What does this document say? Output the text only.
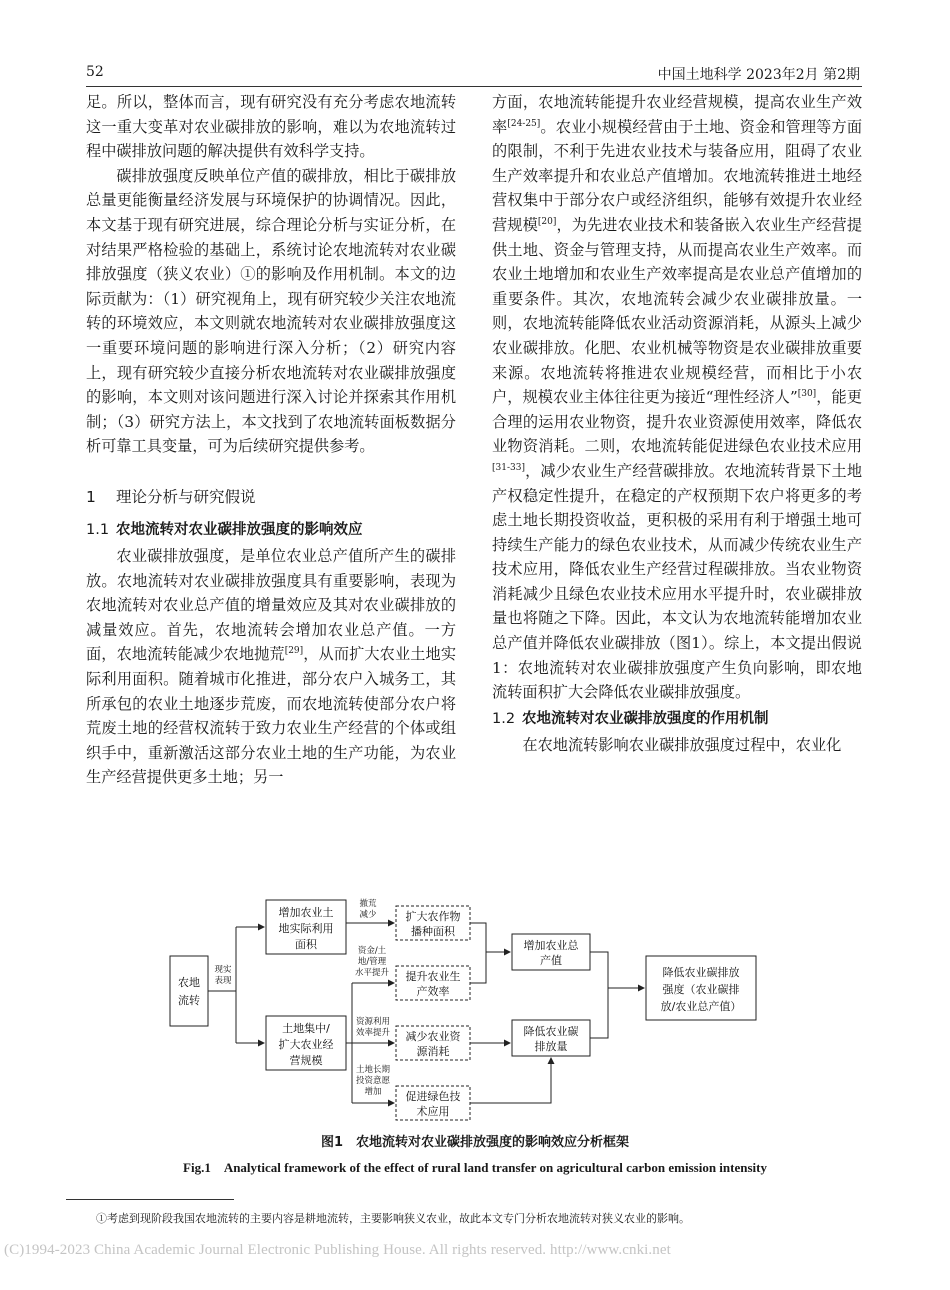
52	中国土地科学 2023年2月 第2期

足。所以，整体而言，现有研究没有充分考虑农地流转这一重大变革对农业碳排放的影响，难以为农地流转过程中碳排放问题的解决提供有效科学支持。

碳排放强度反映单位产值的碳排放，相比于碳排放总量更能衡量经济发展与环境保护的协调情况。因此，本文基于现有研究进展，综合理论分析与实证分析，在对结果严格检验的基础上，系统讨论农地流转对农业碳排放强度（狭义农业）①的影响及作用机制。本文的边际贡献为：（1）研究视角上，现有研究较少关注农地流转的环境效应，本文则就农地流转对农业碳排放强度这一重要环境问题的影响进行深入分析；（2）研究内容上，现有研究较少直接分析农地流转对农业碳排放强度的影响，本文则对该问题进行深入讨论并探索其作用机制；（3）研究方法上，本文找到了农地流转面板数据分析可靠工具变量，可为后续研究提供参考。

1 理论分析与研究假说
1.1 农地流转对农业碳排放强度的影响效应

农业碳排放强度，是单位农业总产值所产生的碳排放。农地流转对农业碳排放强度具有重要影响，表现为农地流转对农业总产值的增量效应及其对农业碳排放的减量效应。首先，农地流转会增加农业总产值。一方面，农地流转能减少农地抛荒[29]，从而扩大农业土地实际利用面积。随着城市化推进，部分农户入城务工，其所承包的农业土地逐步荒废，而农地流转使部分农户将荒废土地的经营权流转于致力农业生产经营的个体或组织手中，重新激活这部分农业土地的生产功能，为农业生产经营提供更多土地；另一

方面，农地流转能提升农业经营规模，提高农业生产效率[24-25]。农业小规模经营由于土地、资金和管理等方面的限制，不利于先进农业技术与装备应用，阻碍了农业生产效率提升和农业总产值增加。农地流转推进土地经营权集中于部分农户或经济组织，能够有效提升农业经营规模[20]，为先进农业技术和装备嵌入农业生产经营提供土地、资金与管理支持，从而提高农业生产效率。而农业土地增加和农业生产效率提高是农业总产值增加的重要条件。其次，农地流转会减少农业碳排放量。一则，农地流转能降低农业活动资源消耗，从源头上减少农业碳排放。化肥、农业机械等物资是农业碳排放重要来源。农地流转将推进农业规模经营，而相比于小农户，规模农业主体往往更为接近“理性经济人”[30]，能更合理的运用农业物资，提升农业资源使用效率，降低农业物资消耗。二则，农地流转能促进绿色农业技术应用[31-33]，减少农业生产经营碳排放。农地流转背景下土地产权稳定性提升，在稳定的产权预期下农户将更多的考虑土地长期投资收益，更积极的采用有利于增强土地可持续生产能力的绿色农业技术，从而减少传统农业生产技术应用，降低农业生产经营过程碳排放。当农业物资消耗减少且绿色农业技术应用水平提升时，农业碳排放量也将随之下降。因此，本文认为农地流转能增加农业总产值并降低农业碳排放（图1）。综上，本文提出假说1：农地流转对农业碳排放强度产生负向影响，即农地流转面积扩大会降低农业碳排放强度。

1.2 农地流转对农业碳排放强度的作用机制

在农地流转影响农业碳排放强度过程中，农业化

农地
流转
增加农业土
地实际利用
面积
土地集中/
扩大农业经
营规模
扩大农作物
播种面积
提升农业生
产效率
减少农业资
源消耗
促进绿色技
术应用
增加农业总
产值
降低农业碳
排放量
降低农业碳排放
强度（农业碳排
放/农业总产值）
现实
表现
撤荒
减少
资金/土
地/管理
水平提升
资源利用
效率提升
土地长期
投资意愿
增加
图1　农地流转对农业碳排放强度的影响效应分析框架
Fig.1　Analytical framework of the effect of rural land transfer on agricultural carbon emission intensity
①考虑到现阶段我国农地流转的主要内容是耕地流转，主要影响狭义农业，故此本文专门分析农地流转对狭义农业的影响。
(C)1994-2023 China Academic Journal Electronic Publishing House. All rights reserved. http://www.cnki.net
